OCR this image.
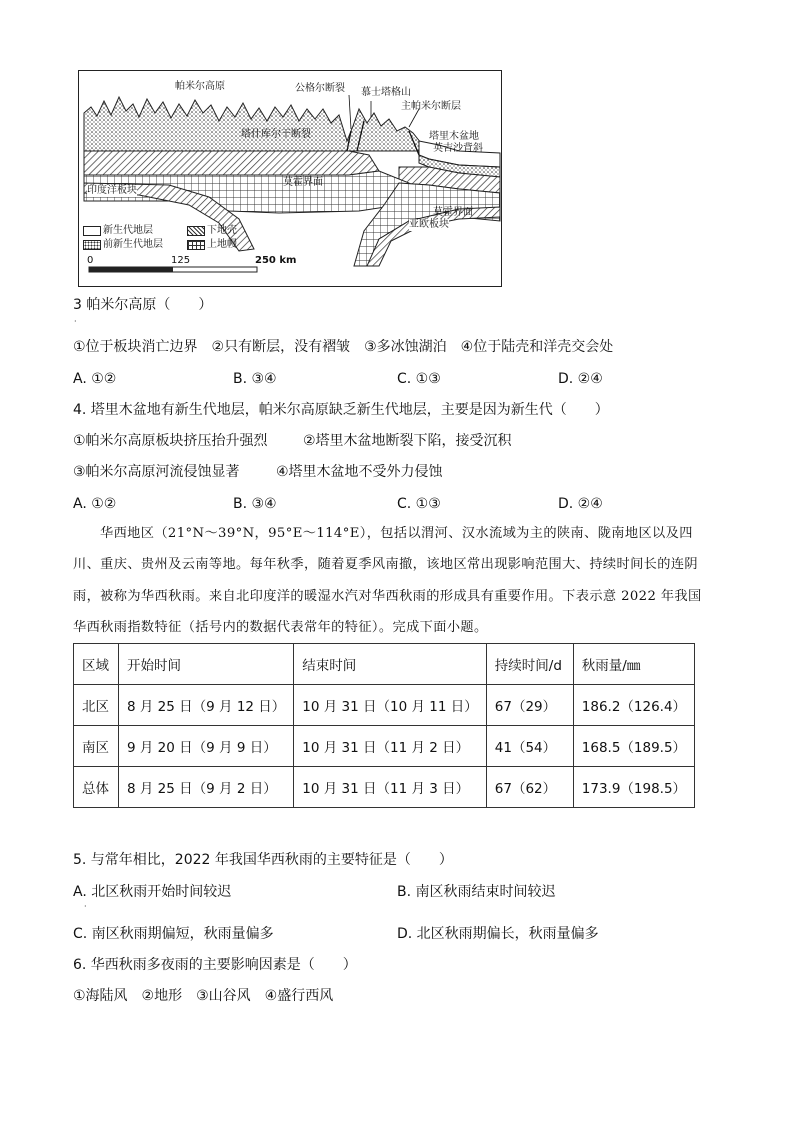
帕米尔高原	公格尔断裂 慕士塔格山
主帕米尔断层
塔什库尔干断裂	塔里木盆地
英吉沙背斜
莫霍界面
莫霍界面
印度洋板块
亚欧板块
新生代地层	下地壳
前新生代地层	上地幔
0	125	250 km
3 帕米尔高原（　　）
·
①位于板块消亡边界　②只有断层，没有褶皱　③多冰蚀湖泊　④位于陆壳和洋壳交会处
A. ①②	B. ③④	C. ①③	D. ②④
4. 塔里木盆地有新生代地层，帕米尔高原缺乏新生代地层，主要是因为新生代（　　）
①帕米尔高原板块挤压抬升强烈	②塔里木盆地断裂下陷，接受沉积
③帕米尔高原河流侵蚀显著	④塔里木盆地不受外力侵蚀
A. ①②	B. ③④	C. ①③	D. ②④
华西地区（21°N～39°N，95°E～114°E），包括以渭河、汉水流域为主的陕南、陇南地区以及四
川、重庆、贵州及云南等地。每年秋季，随着夏季风南撤，该地区常出现影响范围大、持续时间长的连阴
雨，被称为华西秋雨。来自北印度洋的暖湿水汽对华西秋雨的形成具有重要作用。下表示意 2022 年我国
华西秋雨指数特征（括号内的数据代表常年的特征）。完成下面小题。
区域	开始时间	结束时间	持续时间/d	秋雨量/㎜
北区	8 月 25 日（9 月 12 日）	10 月 31 日（10 月 11 日）	67（29）	186.2（126.4）
南区	9 月 20 日（9 月 9 日）	10 月 31 日（11 月 2 日）	41（54）	168.5（189.5）
总体	8 月 25 日（9 月 2 日）	10 月 31 日（11 月 3 日）	67（62）	173.9（198.5）
5. 与常年相比，2022 年我国华西秋雨的主要特征是（　　）
A. 北区秋雨开始时间较迟	B. 南区秋雨结束时间较迟
·
C. 南区秋雨期偏短，秋雨量偏多	D. 北区秋雨期偏长，秋雨量偏多
6. 华西秋雨多夜雨的主要影响因素是（　　）
①海陆风　②地形　③山谷风　④盛行西风
